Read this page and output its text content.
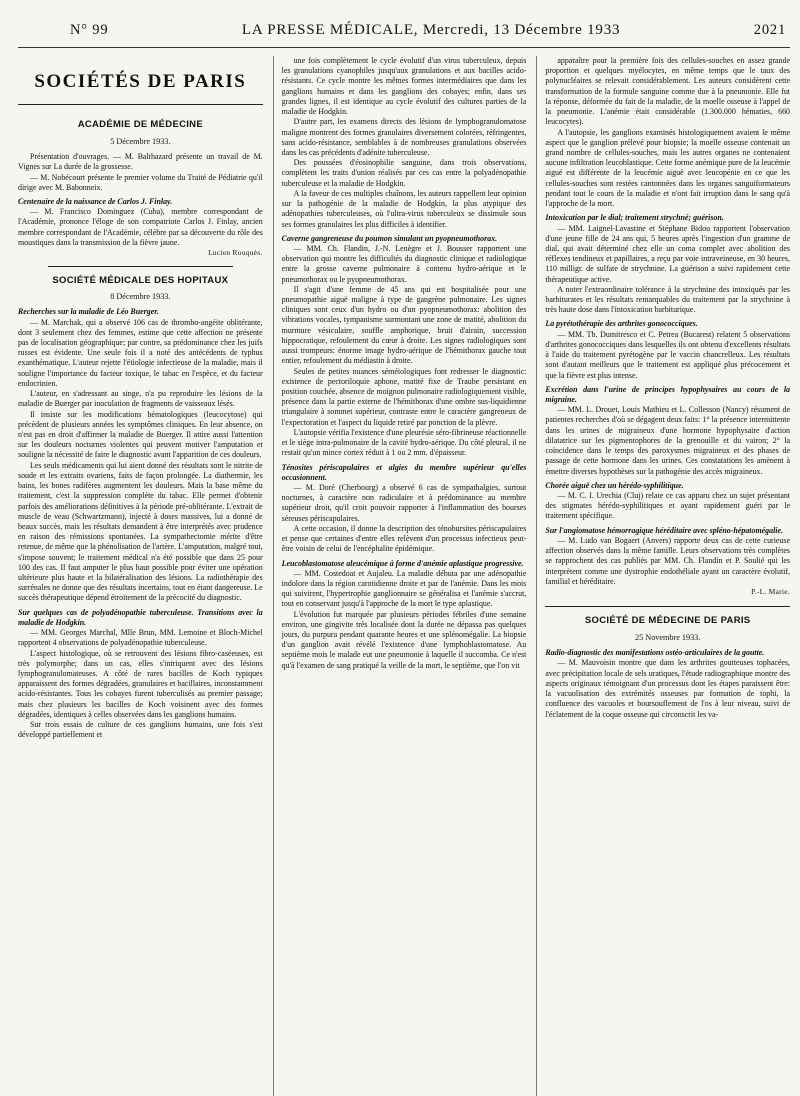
N° 99	LA PRESSE MÉDICALE, Mercredi, 13 Décembre 1933	2021
SOCIÉTÉS DE PARIS
ACADÉMIE DE MÉDECINE
5 Décembre 1933.

Présentation d'ouvrages. — M. Balthazard présente un travail de M. Vignes sur La durée de la grossesse.

— M. Nobécourt présente le premier volume du Traité de Pédiatrie qu'il dirige avec M. Babonneix.

Centenaire de la naissance de Carlos J. Finlay.

— M. Francisco Dominguez (Cuba), membre correspondant de l'Académie, prononce l'éloge de son compatriote Carlos J. Finlay, ancien membre correspondant de l'Académie, célèbre par sa découverte du rôle des moustiques dans la transmission de la fièvre jaune.

Lucien Rouquès.
SOCIÉTÉ MÉDICALE DES HOPITAUX
8 Décembre 1933.

Recherches sur la maladie de Léo Buerger.

— M. Marchak, qui a observé 106 cas de thrombo-angéite oblitérante, dont 3 seulement chez des femmes, estime que cette affection ne présente pas de localisation géographique; par contre, sa prédominance chez les juifs russes est évidente. Une seule fois il a noté des antécédents de typhus exanthématique. L'auteur rejette l'étiologie infectieuse de la maladie, mais il souligne l'importance du facteur toxique, le tabac en l'espèce, et du facteur endocrinien.

L'auteur, en s'adressant au singe, n'a pu reproduire les lésions de la maladie de Buerger par inoculation de fragments de vaisseaux lésés.

Il insiste sur les modifications hématologiques (leucocytose) qui précèdent de plusieurs années les symptômes cliniques. En leur absence, on n'est pas en droit d'affirmer la maladie de Buerger. Il attire aussi l'attention sur les douleurs nocturnes violentes qui peuvent motiver l'amputation et souligne la nécessité de faire le diagnostic avant l'apparition de ces douleurs.

Les seuls médicaments qui lui aient donné des résultats sont le nitrite de soude et les extraits ovariens, faits de façon prolongée. La diathermie, les bains, les bones radifères augmentent les douleurs. Mais la base même du traitement, c'est la suppression complète du tabac. Elle permet d'obtenir parfois des améliorations définitives à la période pré-oblitérante. L'extrait de muscle de veau (Schwartzmann), injecté à doses massives, lui a donné de beaux succès, mais les résultats demandent à être interprétés avec prudence en raison des rémissions spontanées. La sympathectomie mérite d'être retenue, de même que la phénolisation de l'artère. L'amputation, malgré tout, s'impose souvent; le traitement médical n'a été possible que dans 25 pour 100 des cas. Il faut amputer le plus haut possible pour éviter une opération ultérieure plus haute et la bilatéralisation des lésions. La radiothérapie des surrénales ne donne que des résultats incertains, tout en étant dangereuse. Le succès thérapeutique dépend étroitement de la précocité du diagnostic.

Sur quelques cas de polyadénopathie tuberculeuse. Transitions avec la maladie de Hodgkin.

— MM. Georges Marchal, Mlle Brun, MM. Lemoine et Bloch-Michel rapportent 4 observations de polyadénopathie tuberculeuse.

L'aspect histologique, où se retrouvent des lésions fibro-caséeuses, est très polymorphe; dans un cas, elles s'intriquent avec des lésions lymphogranulomateuses. A côté de rares bacilles de Koch typiques apparaissent des formes dégradées, granulaires et bacillaires, inconstamment acido-résistantes. Tous les cobayes furent tuberculisés au premier passage; mais chez plusieurs les bacilles de Koch voisinent avec des formes dégradées, identiques à celles observées dans les ganglions humains.

Sur trois essais de culture de ces ganglions humains, une fois s'est développé partiellement et

une fois complètement le cycle évolutif d'un virus tuberculeux, depuis les granulations cyanophiles jusqu'aux granulations et aux bacilles acido-résistants. Ce cycle montre les mêmes formes intermédiaires que dans les ganglions humains et dans les ganglions des cobayes; enfin, dans ses grandes lignes, il est identique au cycle évolutif des cultures parties de la maladie de Hodgkin.

D'autre part, les examens directs des lésions de lymphogranulomatose maligne montrent des formes granulaires diversement colorées, réfringentes, sans acido-résistance, semblables à de nombreuses granulations observées dans les cas précédents d'adénite tuberculeuse.

Des poussées d'éosinophilie sanguine, dans trois observations, complètent les traits d'union réalisés par ces cas entre la polyadénopathie tuberculeuse et la maladie de Hodgkin.

A la faveur de ces multiples chaînons, les auteurs rappellent leur opinion sur la pathogénie de la maladie de Hodgkin, la plus atypique des adénopathies tuberculeuses, où l'ultra-virus tuberculeux se dissimule sous ses formes granulaires les plus difficiles à identifier.

Caverne gangreneuse du poumon simulant un pyopneumothorax.

— MM. Ch. Flandin, J.-N. Lenègre et J. Bousser rapportent une observation qui montre les difficultés du diagnostic clinique et radiologique entre la grosse caverne pulmonaire à contenu hydro-aérique et le pneumothorax ou le pyopneumothorax.

Il s'agit d'une femme de 45 ans qui est hospitalisée pour une pneumopathie aiguë maligne à type de gangrène pulmonaire. Les signes cliniques sont ceux d'un hydro ou d'un pyopneumothorax: abolition des vibrations vocales, tympanisme surmontant une zone de matité, abolition du murmure vésiculaire, souffle amphorique, bruit d'airain, succession hippocratique, refoulement du cœur à droite. Les signes radiologiques sont aussi trompeurs: énorme image hydro-aérique de l'hémithorax gauche tout entier, refoulement du médiastin à droite.

Seules de petites nuances séméiologiques font redresser le diagnostic: existence de pectoriloquie aphone, matité fixe de Traube persistant en position couchée, absence de moignon pulmonaire radiologiquement visible, présence dans la partie externe de l'hémithorax d'une ombre sus-liquidienne triangulaire à sommet supérieur, contraste entre le caractère gangreneux de l'expectoration et l'aspect du liquide retiré par ponction de la plèvre.

L'autopsie vérifia l'existence d'une pleurésie séro-fibrineuse réactionnelle et le siège intra-pulmonaire de la cavité hydro-aérique. Du côté pleural, il ne restait qu'un mince cortex réduit à 1 ou 2 mm. d'épaisseur.

Ténosites périscapulaires et algies du membre supérieur qu'elles occasionnent.

— M. Doré (Cherbourg) a observé 6 cas de sympathalgies, surtout nocturnes, à caractère non radiculaire et à prédominance au membre supérieur droit, qu'il croit pouvoir rapporter à l'inflammation des bourses séreuses périscapulaires.

A cette occasion, il donne la description des ténobursites périscapulaires et pense que certaines d'entre elles relèvent d'un processus infectieux peut-être voisin de celui de l'encéphalite épidémique.

Leucoblastomatose aleucémique à forme d'anémie aplastique progressive.

— MM. Costedoat et Aujaleu. La maladie débuta par une adénopathie indolore dans la région carotidienne droite et par de l'anémie. Dans les mois qui suivirent, l'hypertrophie ganglionnaire se généralisa et l'anémie s'accrut, tout en conservant jusqu'à l'approche de la mort le type aplastique.

L'évolution fut marquée par plusieurs périodes fébriles d'une semaine environ, une gingivite très localisée dont la durée ne dépassa pas quelques jours, du purpura pendant quarante heures et une splénomégalie. La biopsie d'un ganglion avait révélé l'existence d'une lymphoblastomatose. Au septième mois le malade eut une pneumonie à laquelle il succomba. Ce n'est qu'à l'examen de sang pratiqué la veille de la mort, le septième, que l'on vit

apparaître pour la première fois des cellules-souches en assez grande proportion et quelques myélocytes, en même temps que le taux des polynucléaires se relevait considérablement. Les auteurs considèrent cette transformation de la formule sanguine comme due à la pneumonie. Elle fut la réponse, déformée du fait de la maladie, de la moelle osseuse à l'appel de la pneumonie. L'anémie était considérable (1.300.000 hématies, 660 leucocytes).

A l'autopsie, les ganglions examinés histologiquement avaient le même aspect que le ganglion prélevé pour biopsie; la moelle osseuse contenait un grand nombre de cellules-souches, mais les autres organes ne contenaient aucune infiltration leucoblastique. Cette forme anémique pure de la leucémie aiguë est différente de la leucémie aiguë avec leucopénie en ce que les cellules-souches sont restées cantonnées dans les organes sanguiformateurs pendant tout le cours de la maladie et n'ont fait irruption dans le sang qu'à l'approche de la mort.

Intoxication par le dial; traitement strychné; guérison.

— MM. Laignel-Lavastine et Stéphane Bidou rapportent l'observation d'une jeune fille de 24 ans qui, 5 heures après l'ingestion d'un gramme de dial, qui avait déterminé chez elle un coma complet avec abolition des réflexes tendineux et papillaires, a reçu par voie intraveineuse, en 30 heures, 110 milligr. de sulfate de strychnine. La guérison a suivi rapidement cette thérapeutique active.

A noter l'extraordinaire tolérance à la strychnine des intoxiqués par les barbiturates et les résultats remarquables du traitement par la strychnine à très haute dose dans l'intoxication barbiturique.

La pyrétothérapie des arthrites gonococciques.

— MM. Th. Dumitresco et C. Petrea (Bucarest) relatent 5 observations d'arthrites gonococciques dans lesquelles ils ont obtenu d'excellents résultats à l'aide du traitement pyrétogène par le vaccin chancrelleux. Les résultats sont d'autant meilleurs que le traitement est appliqué plus précocement et que la fièvre est plus intense.

Excrétion dans l'urine de principes hypophysaires au cours de la migraine.

— MM. L. Drouet, Louis Mathieu et L. Collesson (Nancy) résument de patientes recherches d'où se dégagent deux faits: 1° la présence intermittente dans les urines de migraineux d'une hormone hypophysaire d'action dilatatrice sur les pigmentophores de la grenouille et du vairon; 2° la coïncidence dans le temps des paroxysmes migraineux et des phases de passage de cette hormone dans les urines. Ces constatations les amènent à émettre diverses hypothèses sur la pathogénie des accès migraineux.

Chorée aiguë chez un hérédo-syphilitique.

— M. C. I. Urechia (Cluj) relate ce cas apparu chez un sujet présentant des stigmates hérédo-syphilitiques et ayant rapidement guéri par le traitement spécifique.

Sur l'angiomatose hémorragique héréditaire avec spléno-hépatomégalie.

— M. Ludo van Bogaert (Anvers) rapporte deux cas de cette curieuse affection observés dans la même famille. Leurs observations très complètes se rapprochent des cas publiés par MM. Ch. Flandin et P. Soulié qui les interprètent comme une dystrophie endothéliale ayant un caractère évolutif, familial et héréditaire.

P.-L. Marie.
SOCIÉTÉ DE MÉDECINE DE PARIS
25 Novembre 1933.

Radio-diagnostic des manifestations ostéo-articulaires de la goutte.

— M. Mauvoisin montre que dans les arthrites goutteuses tophacées, avec précipitation locale de sels uratiques, l'étude radiographique montre des aspects originaux témoignant d'un processus dont les étapes paraissent être: la vacuolisation des extrémités osseuses par formation de tophi, la confluence des vacuoles et boursouflement de l'os à leur niveau, suivi de l'éclatement de la coque osseuse qui circonscrit les va-
